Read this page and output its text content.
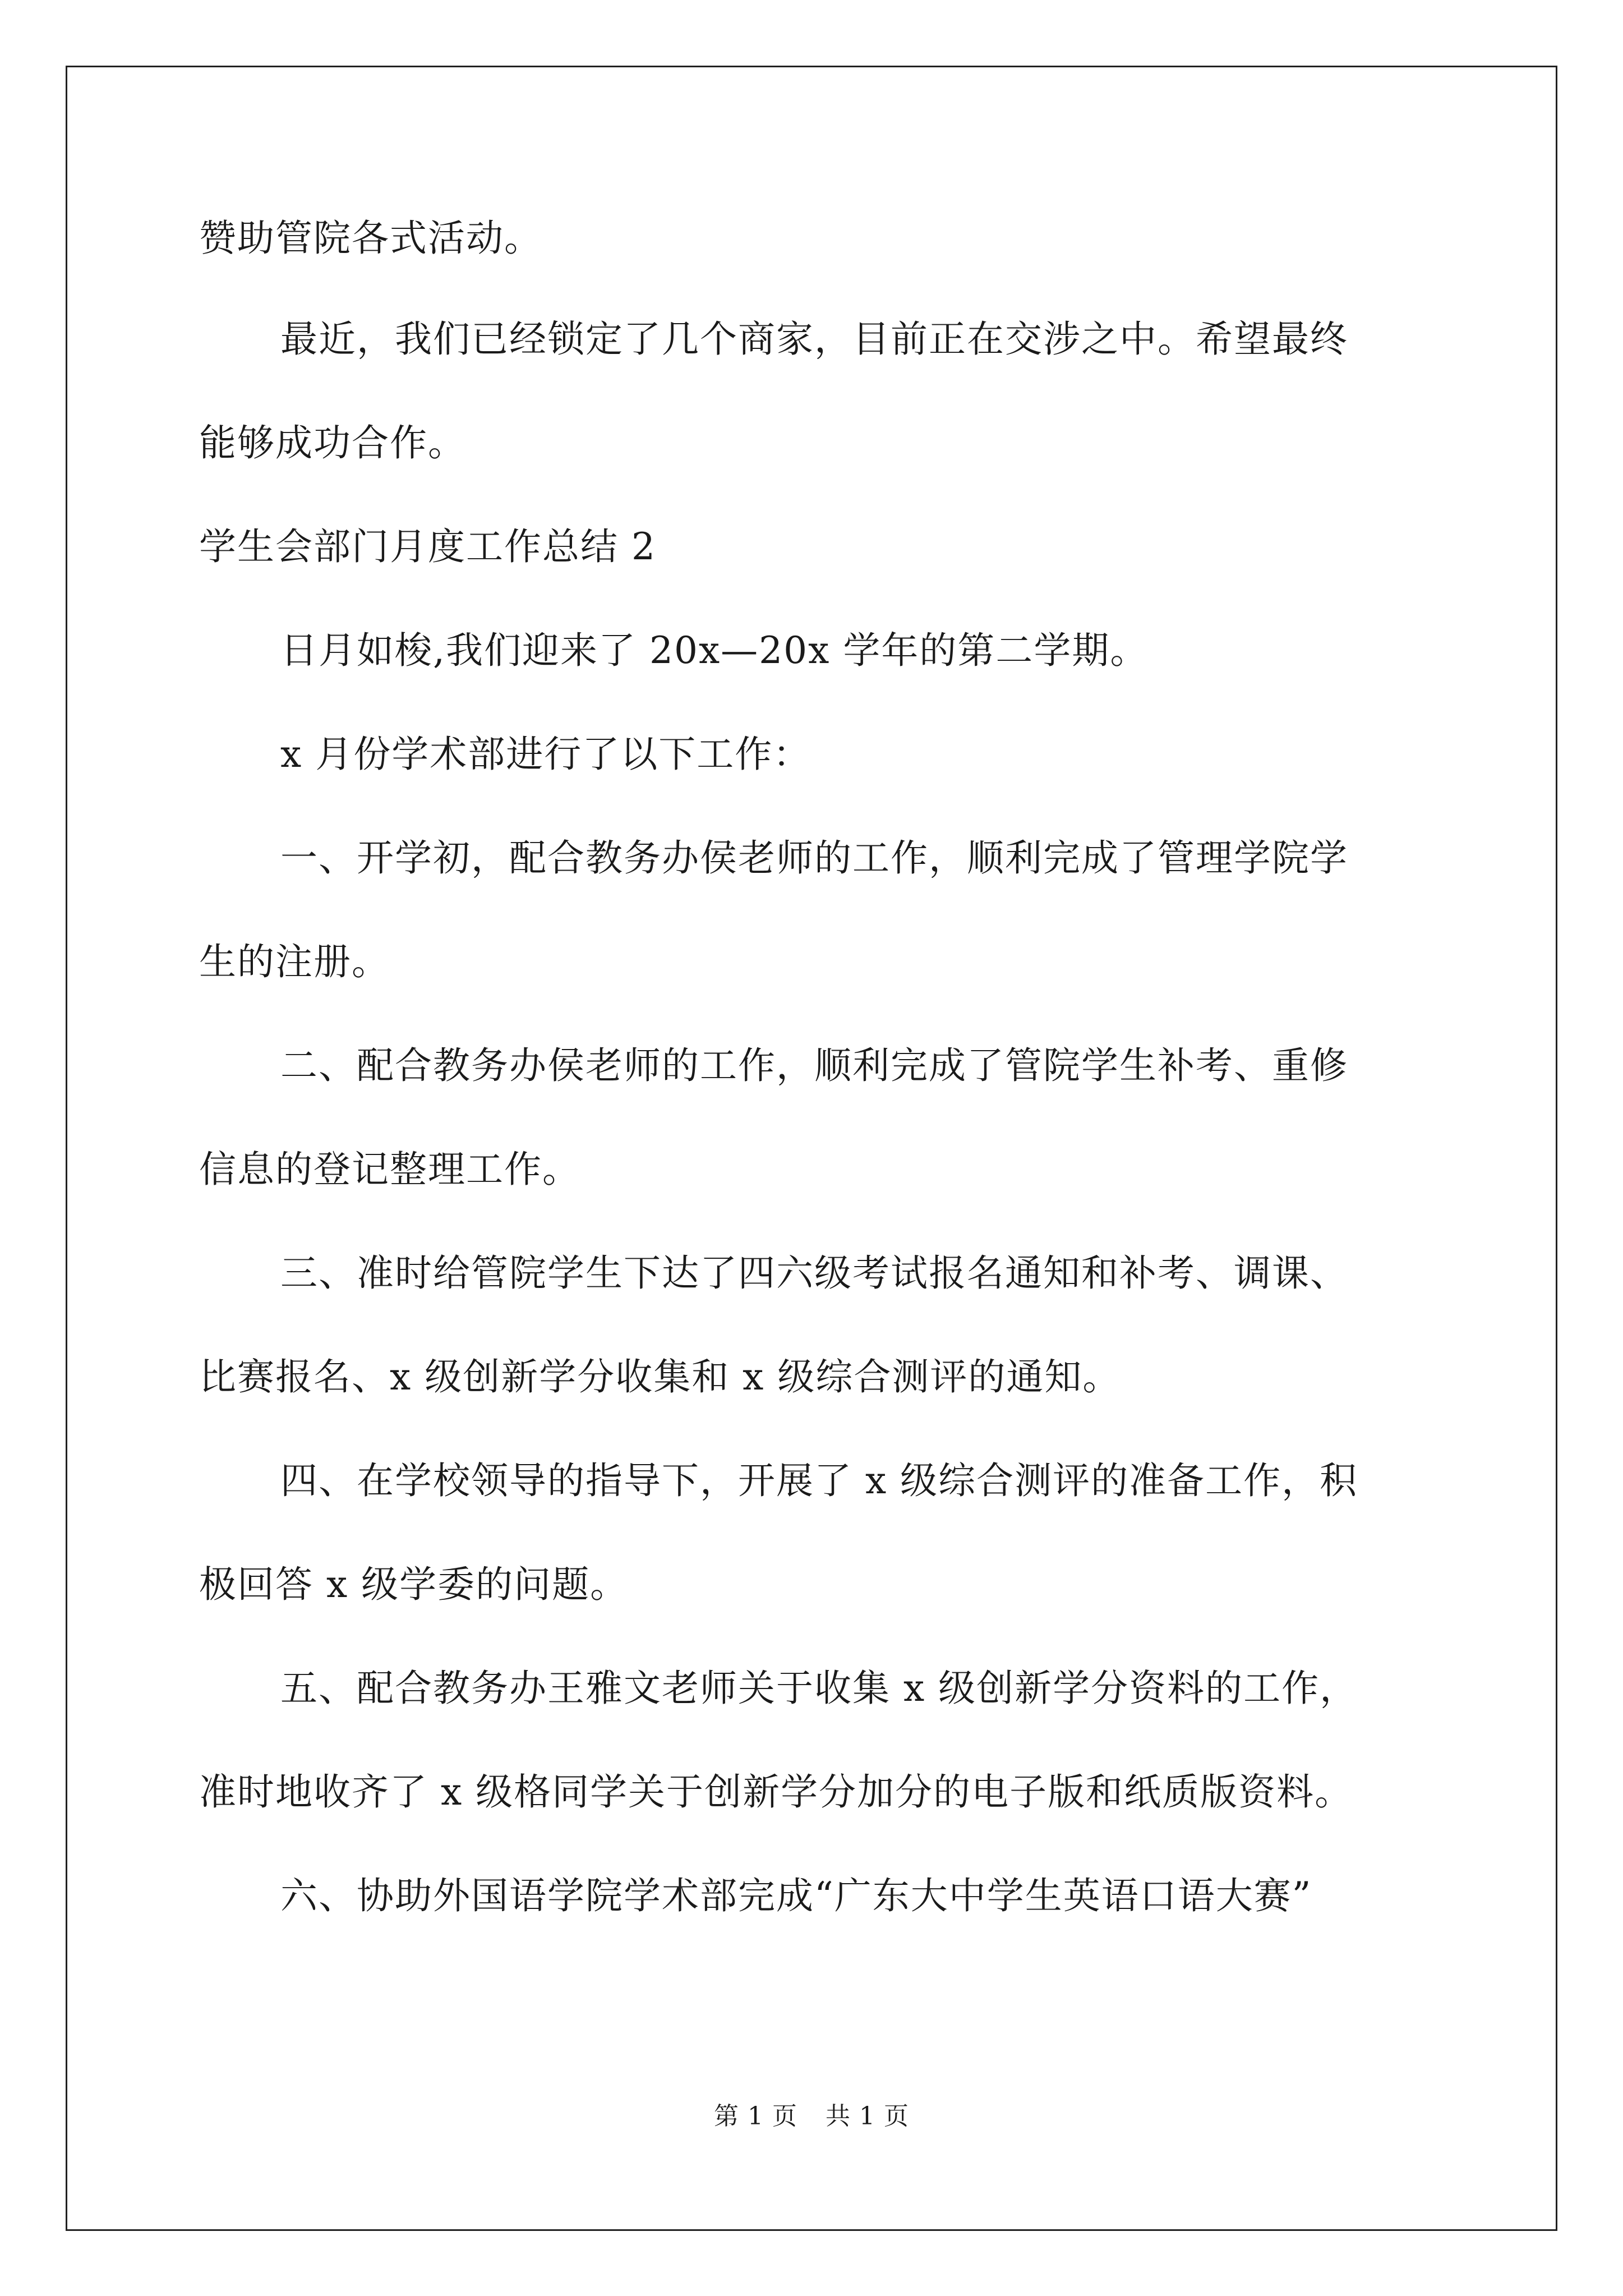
赞助管院各式活动。
最近，我们已经锁定了几个商家，目前正在交涉之中。希望最终
能够成功合作。
学生会部门月度工作总结 2
日月如梭,我们迎来了 20x—20x 学年的第二学期。
x 月份学术部进行了以下工作：
一、开学初，配合教务办侯老师的工作，顺利完成了管理学院学
生的注册。
二、配合教务办侯老师的工作，顺利完成了管院学生补考、重修
信息的登记整理工作。
三、准时给管院学生下达了四六级考试报名通知和补考、调课、
比赛报名、x 级创新学分收集和 x 级综合测评的通知。
四、在学校领导的指导下，开展了 x 级综合测评的准备工作，积
极回答 x 级学委的问题。
五、配合教务办王雅文老师关于收集 x 级创新学分资料的工作，
准时地收齐了 x 级格同学关于创新学分加分的电子版和纸质版资料。
六、协助外国语学院学术部完成“广东大中学生英语口语大赛”
第 1 页 共 1 页
